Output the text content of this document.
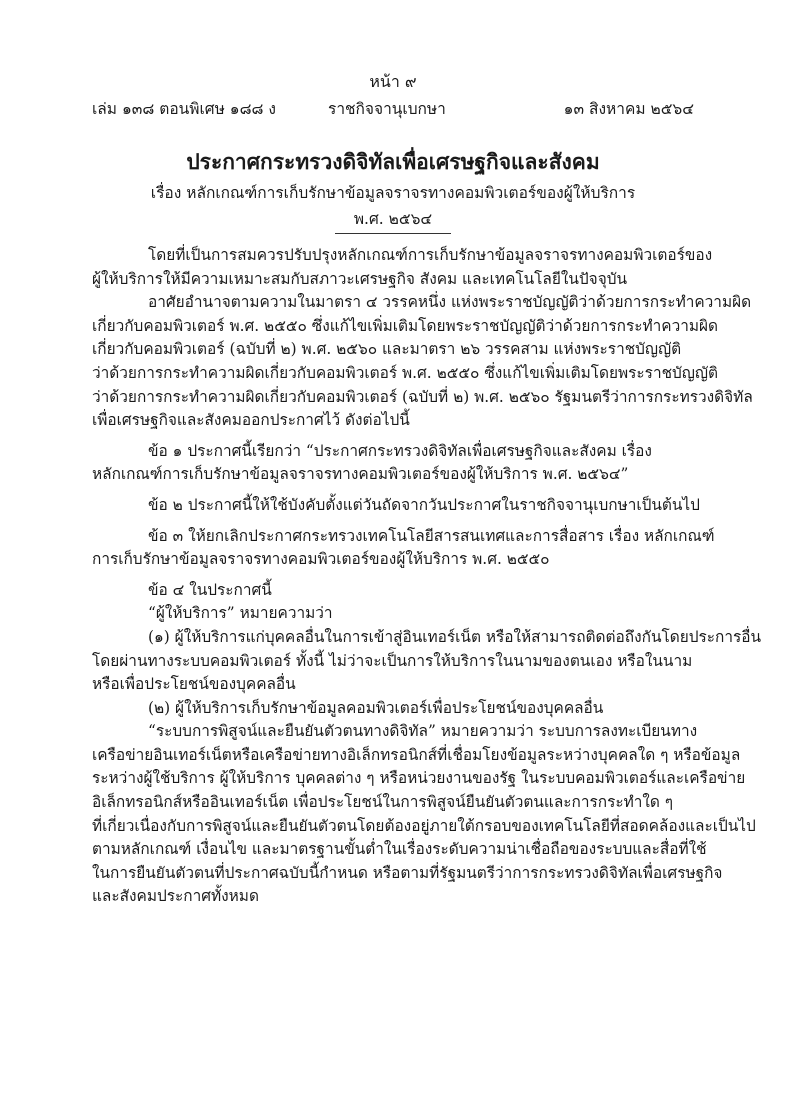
หน้า ๙
เล่ม ๑๓๘ ตอนพิเศษ ๑๘๘ ง	ราชกิจจานุเบกษา	๑๓ สิงหาคม ๒๕๖๔
ประกาศกระทรวงดิจิทัลเพื่อเศรษฐกิจและสังคม
เรื่อง หลักเกณฑ์การเก็บรักษาข้อมูลจราจรทางคอมพิวเตอร์ของผู้ให้บริการ
พ.ศ. ๒๕๖๔
โดยที่เป็นการสมควรปรับปรุงหลักเกณฑ์การเก็บรักษาข้อมูลจราจรทางคอมพิวเตอร์ของ
ผู้ให้บริการให้มีความเหมาะสมกับสภาวะเศรษฐกิจ สังคม และเทคโนโลยีในปัจจุบัน
อาศัยอำนาจตามความในมาตรา ๔ วรรคหนึ่ง แห่งพระราชบัญญัติว่าด้วยการกระทำความผิด
เกี่ยวกับคอมพิวเตอร์ พ.ศ. ๒๕๕๐ ซึ่งแก้ไขเพิ่มเติมโดยพระราชบัญญัติว่าด้วยการกระทำความผิด
เกี่ยวกับคอมพิวเตอร์ (ฉบับที่ ๒) พ.ศ. ๒๕๖๐ และมาตรา ๒๖ วรรคสาม แห่งพระราชบัญญัติ
ว่าด้วยการกระทำความผิดเกี่ยวกับคอมพิวเตอร์ พ.ศ. ๒๕๕๐ ซึ่งแก้ไขเพิ่มเติมโดยพระราชบัญญัติ
ว่าด้วยการกระทำความผิดเกี่ยวกับคอมพิวเตอร์ (ฉบับที่ ๒) พ.ศ. ๒๕๖๐ รัฐมนตรีว่าการกระทรวงดิจิทัล
เพื่อเศรษฐกิจและสังคมออกประกาศไว้ ดังต่อไปนี้
ข้อ ๑ ประกาศนี้เรียกว่า “ประกาศกระทรวงดิจิทัลเพื่อเศรษฐกิจและสังคม เรื่อง
หลักเกณฑ์การเก็บรักษาข้อมูลจราจรทางคอมพิวเตอร์ของผู้ให้บริการ พ.ศ. ๒๕๖๔”
ข้อ ๒ ประกาศนี้ให้ใช้บังคับตั้งแต่วันถัดจากวันประกาศในราชกิจจานุเบกษาเป็นต้นไป
ข้อ ๓ ให้ยกเลิกประกาศกระทรวงเทคโนโลยีสารสนเทศและการสื่อสาร เรื่อง หลักเกณฑ์
การเก็บรักษาข้อมูลจราจรทางคอมพิวเตอร์ของผู้ให้บริการ พ.ศ. ๒๕๕๐
ข้อ ๔ ในประกาศนี้
“ผู้ให้บริการ” หมายความว่า
(๑) ผู้ให้บริการแก่บุคคลอื่นในการเข้าสู่อินเทอร์เน็ต หรือให้สามารถติดต่อถึงกันโดยประการอื่น
โดยผ่านทางระบบคอมพิวเตอร์ ทั้งนี้ ไม่ว่าจะเป็นการให้บริการในนามของตนเอง หรือในนาม
หรือเพื่อประโยชน์ของบุคคลอื่น
(๒) ผู้ให้บริการเก็บรักษาข้อมูลคอมพิวเตอร์เพื่อประโยชน์ของบุคคลอื่น
“ระบบการพิสูจน์และยืนยันตัวตนทางดิจิทัล” หมายความว่า ระบบการลงทะเบียนทาง
เครือข่ายอินเทอร์เน็ตหรือเครือข่ายทางอิเล็กทรอนิกส์ที่เชื่อมโยงข้อมูลระหว่างบุคคลใด ๆ หรือข้อมูล
ระหว่างผู้ใช้บริการ ผู้ให้บริการ บุคคลต่าง ๆ หรือหน่วยงานของรัฐ ในระบบคอมพิวเตอร์และเครือข่าย
อิเล็กทรอนิกส์หรืออินเทอร์เน็ต เพื่อประโยชน์ในการพิสูจน์ยืนยันตัวตนและการกระทำใด ๆ
ที่เกี่ยวเนื่องกับการพิสูจน์และยืนยันตัวตนโดยต้องอยู่ภายใต้กรอบของเทคโนโลยีที่สอดคล้องและเป็นไป
ตามหลักเกณฑ์ เงื่อนไข และมาตรฐานขั้นต่ำในเรื่องระดับความน่าเชื่อถือของระบบและสื่อที่ใช้
ในการยืนยันตัวตนที่ประกาศฉบับนี้กำหนด หรือตามที่รัฐมนตรีว่าการกระทรวงดิจิทัลเพื่อเศรษฐกิจ
และสังคมประกาศทั้งหมด
